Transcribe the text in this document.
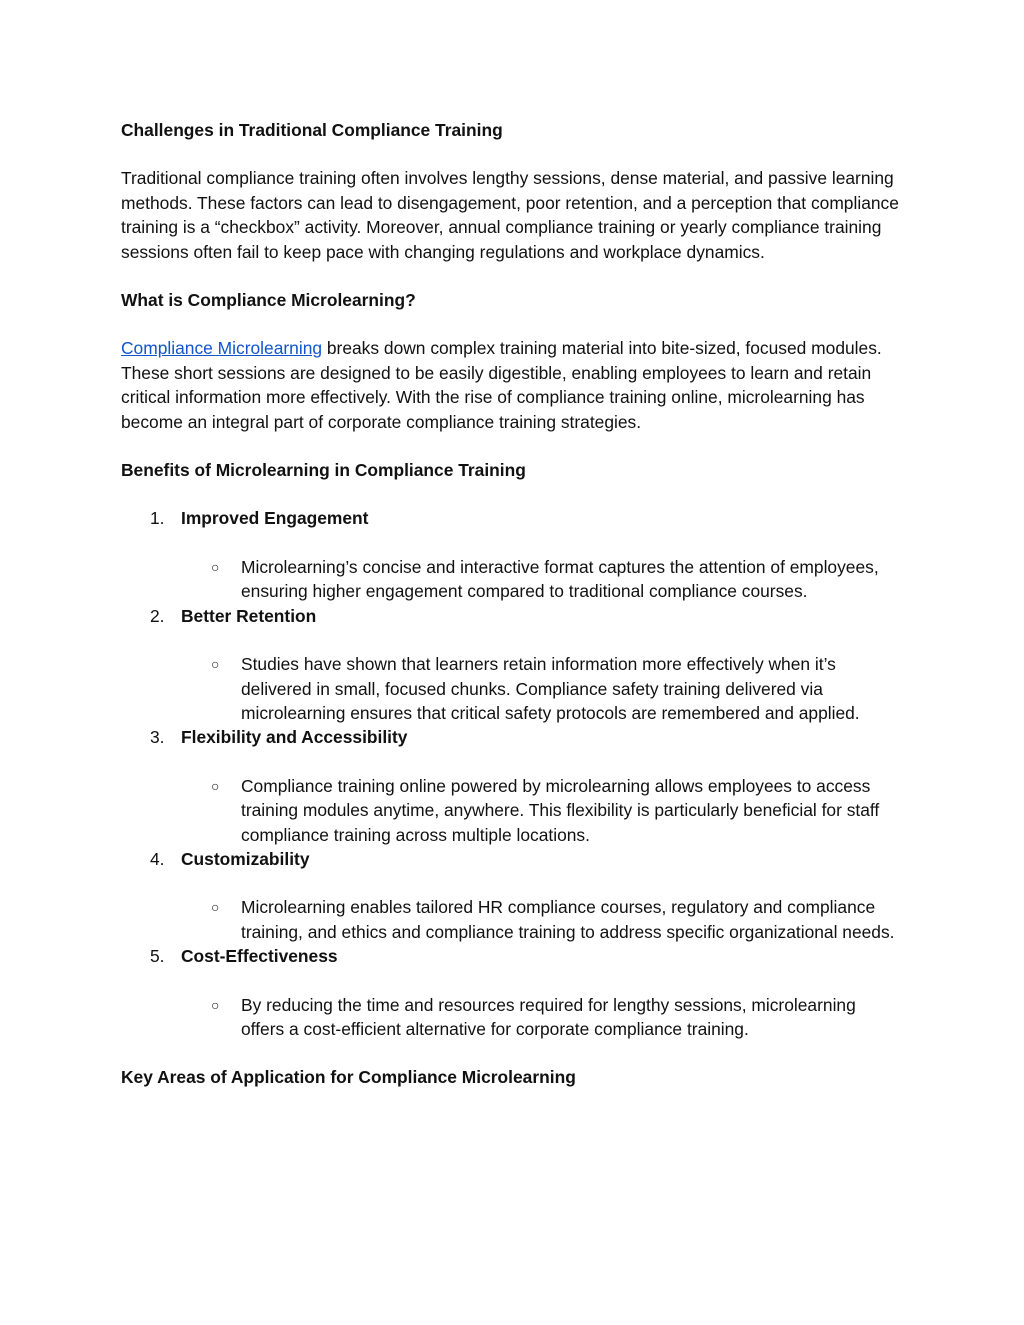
Challenges in Traditional Compliance Training
Traditional compliance training often involves lengthy sessions, dense material, and passive learning methods. These factors can lead to disengagement, poor retention, and a perception that compliance training is a “checkbox” activity. Moreover, annual compliance training or yearly compliance training sessions often fail to keep pace with changing regulations and workplace dynamics.
What is Compliance Microlearning?
Compliance Microlearning breaks down complex training material into bite-sized, focused modules. These short sessions are designed to be easily digestible, enabling employees to learn and retain critical information more effectively. With the rise of compliance training online, microlearning has become an integral part of corporate compliance training strategies.
Benefits of Microlearning in Compliance Training
1. Improved Engagement
○ Microlearning’s concise and interactive format captures the attention of employees, ensuring higher engagement compared to traditional compliance courses.
2. Better Retention
○ Studies have shown that learners retain information more effectively when it’s delivered in small, focused chunks. Compliance safety training delivered via microlearning ensures that critical safety protocols are remembered and applied.
3. Flexibility and Accessibility
○ Compliance training online powered by microlearning allows employees to access training modules anytime, anywhere. This flexibility is particularly beneficial for staff compliance training across multiple locations.
4. Customizability
○ Microlearning enables tailored HR compliance courses, regulatory and compliance training, and ethics and compliance training to address specific organizational needs.
5. Cost-Effectiveness
○ By reducing the time and resources required for lengthy sessions, microlearning offers a cost-efficient alternative for corporate compliance training.
Key Areas of Application for Compliance Microlearning
